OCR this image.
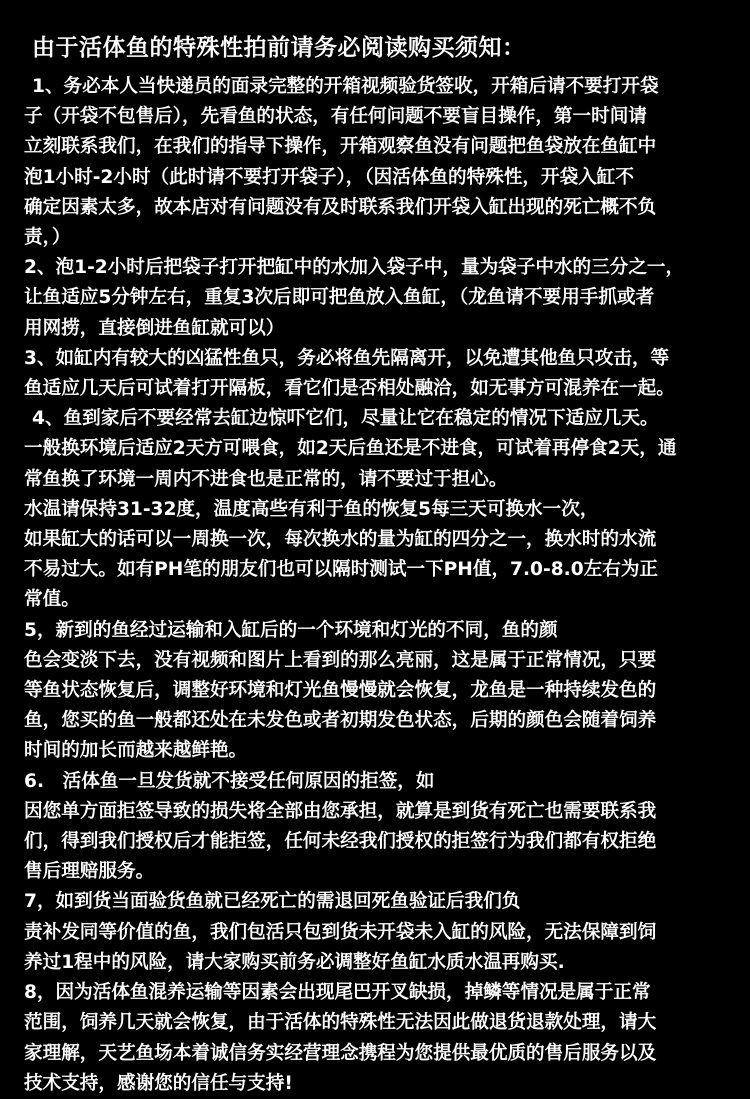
由于活体鱼的特殊性拍前请务必阅读购买须知：
1、务必本人当快递员的面录完整的开箱视频验货签收，开箱后请不要打开袋
子（开袋不包售后），先看鱼的状态，有任何问题不要盲目操作，第一时间请
立刻联系我们，在我们的指导下操作，开箱观察鱼没有问题把鱼袋放在鱼缸中
泡1小时-2小时（此时请不要打开袋子），（因活体鱼的特殊性，开袋入缸不
确定因素太多，故本店对有问题没有及时联系我们开袋入缸出现的死亡概不负
责，）
2、泡1-2小时后把袋子打开把缸中的水加入袋子中，量为袋子中水的三分之一，
让鱼适应5分钟左右，重复3次后即可把鱼放入鱼缸，（龙鱼请不要用手抓或者
用网捞，直接倒进鱼缸就可以）
3、如缸内有较大的凶猛性鱼只，务必将鱼先隔离开，以免遭其他鱼只攻击，等
鱼适应几天后可试着打开隔板，看它们是否相处融洽，如无事方可混养在一起。
4、鱼到家后不要经常去缸边惊吓它们，尽量让它在稳定的情况下适应几天。
一般换环境后适应2天方可喂食，如2天后鱼还是不进食，可试着再停食2天，通
常鱼换了环境一周内不进食也是正常的，请不要过于担心。
水温请保持31-32度，温度高些有利于鱼的恢复5每三天可换水一次，
如果缸大的话可以一周换一次，每次换水的量为缸的四分之一，换水时的水流
不易过大。如有PH笔的朋友们也可以隔时测试一下PH值，7.0-8.0左右为正
常值。
5，新到的鱼经过运输和入缸后的一个环境和灯光的不同，鱼的颜
色会变淡下去，没有视频和图片上看到的那么亮丽，这是属于正常情况，只要
等鱼状态恢复后，调整好环境和灯光鱼慢慢就会恢复，龙鱼是一种持续发色的
鱼，您买的鱼一般都还处在未发色或者初期发色状态，后期的颜色会随着饲养
时间的加长而越来越鲜艳。
6.　活体鱼一旦发货就不接受任何原因的拒签，如
因您单方面拒签导致的损失将全部由您承担，就算是到货有死亡也需要联系我
们，得到我们授权后才能拒签，任何未经我们授权的拒签行为我们都有权拒绝
售后理赔服务。
7，如到货当面验货鱼就已经死亡的需退回死鱼验证后我们负
责补发同等价值的鱼，我们包活只包到货未开袋未入缸的风险，无法保障到饲
养过1程中的风险，请大家购买前务必调整好鱼缸水质水温再购买.
8，因为活体鱼混养运输等因素会出现尾巴开叉缺损，掉鳞等情况是属于正常
范围，饲养几天就会恢复，由于活体的特殊性无法因此做退货退款处理，请大
家理解，天艺鱼场本着诚信务实经营理念携程为您提供最优质的售后服务以及
技术支持，感谢您的信任与支持!
